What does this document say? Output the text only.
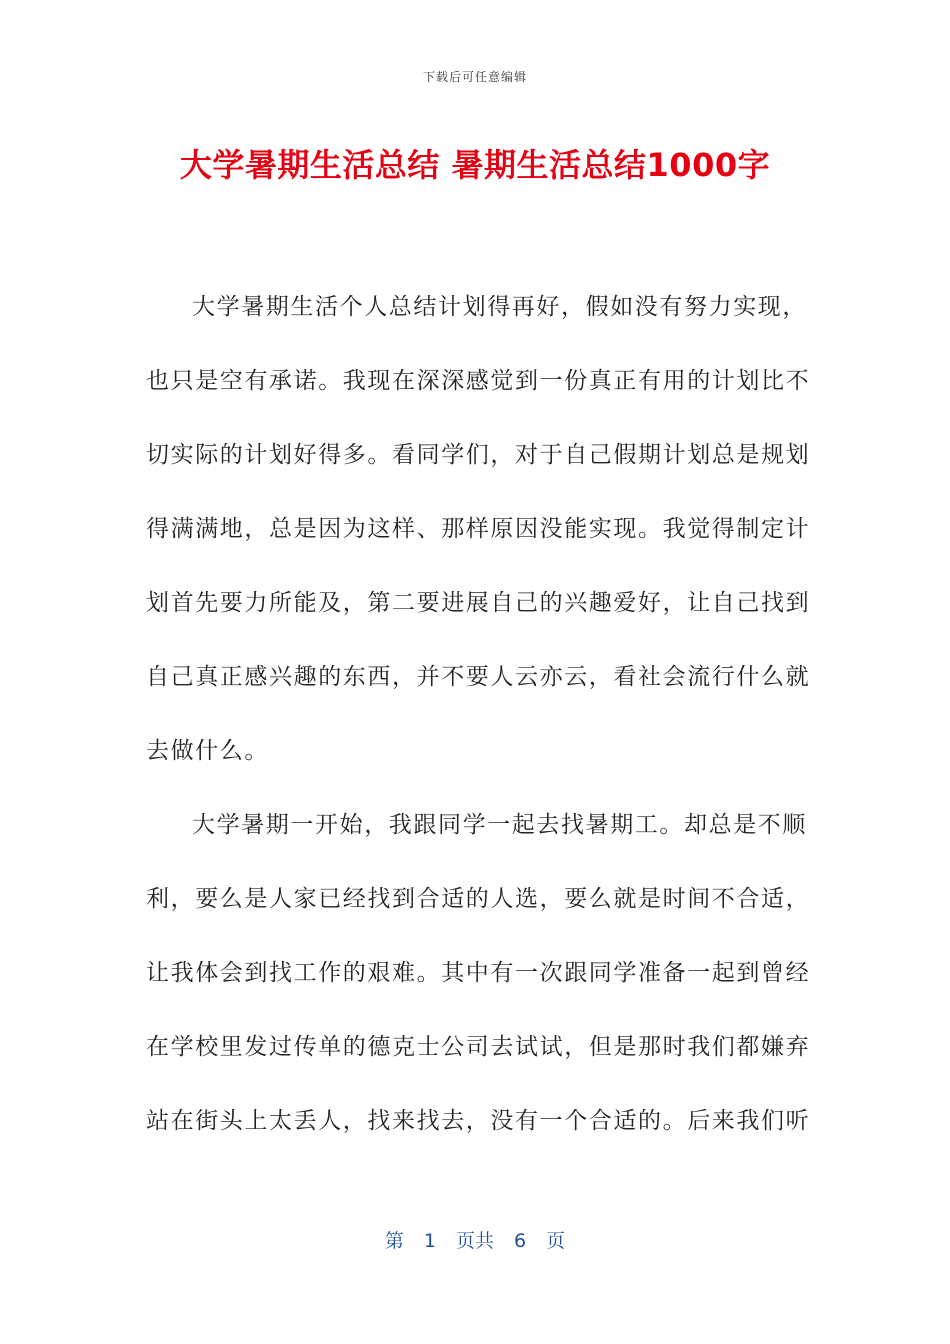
下载后可任意编辑
大学暑期生活总结 暑期生活总结1000字

大学暑期生活个人总结计划得再好，假如没有努力实现，
也只是空有承诺。我现在深深感觉到一份真正有用的计划比不
切实际的计划好得多。看同学们，对于自己假期计划总是规划
得满满地，总是因为这样、那样原因没能实现。我觉得制定计
划首先要力所能及，第二要进展自己的兴趣爱好，让自己找到
自己真正感兴趣的东西，并不要人云亦云，看社会流行什么就
去做什么。

大学暑期一开始，我跟同学一起去找暑期工。却总是不顺
利，要么是人家已经找到合适的人选，要么就是时间不合适，
让我体会到找工作的艰难。其中有一次跟同学准备一起到曾经
在学校里发过传单的德克士公司去试试，但是那时我们都嫌弃
站在街头上太丢人，找来找去，没有一个合适的。后来我们听

第 1 页共 6 页
